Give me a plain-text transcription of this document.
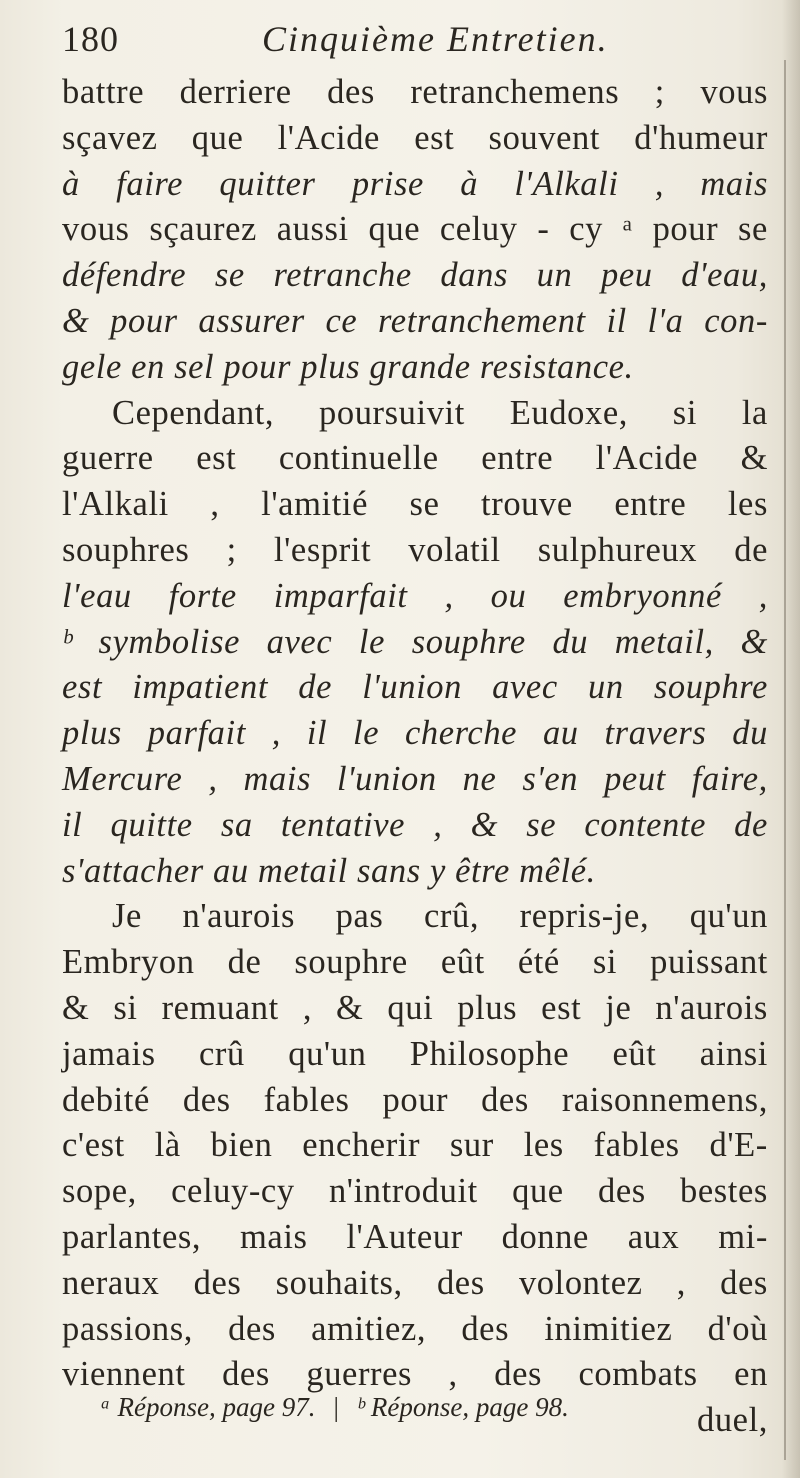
180	Cinquième Entretien.
battre derriere des retranchemens ; vous
sçavez que l'Acide est souvent d'humeur
à faire quitter prise à l'Alkali , mais
vous sçaurez aussi que celuy - cy ᵃ pour se
défendre se retranche dans un peu d'eau,
& pour assurer ce retranchement il l'a con-
gele en sel pour plus grande resistance.
Cependant, poursuivit Eudoxe, si la
guerre est continuelle entre l'Acide &
l'Alkali , l'amitié se trouve entre les
souphres ; l'esprit volatil sulphureux de
l'eau forte imparfait , ou embryonné ,
ᵇ symbolise avec le souphre du metail, &
est impatient de l'union avec un souphre
plus parfait , il le cherche au travers du
Mercure , mais l'union ne s'en peut faire,
il quitte sa tentative , & se contente de
s'attacher au metail sans y être mêlé.
Je n'aurois pas crû, repris-je, qu'un
Embryon de souphre eût été si puissant
& si remuant , & qui plus est je n'aurois
jamais crû qu'un Philosophe eût ainsi
debité des fables pour des raisonnemens,
c'est là bien encherir sur les fables d'E-
sope, celuy-cy n'introduit que des bestes
parlantes, mais l'Auteur donne aux mi-
neraux des souhaits, des volontez , des
passions, des amitiez, des inimitiez d'où
viennent des guerres , des combats en
duel,
ᵃ Réponse, page 97. | ᵇ Réponse, page 98.
